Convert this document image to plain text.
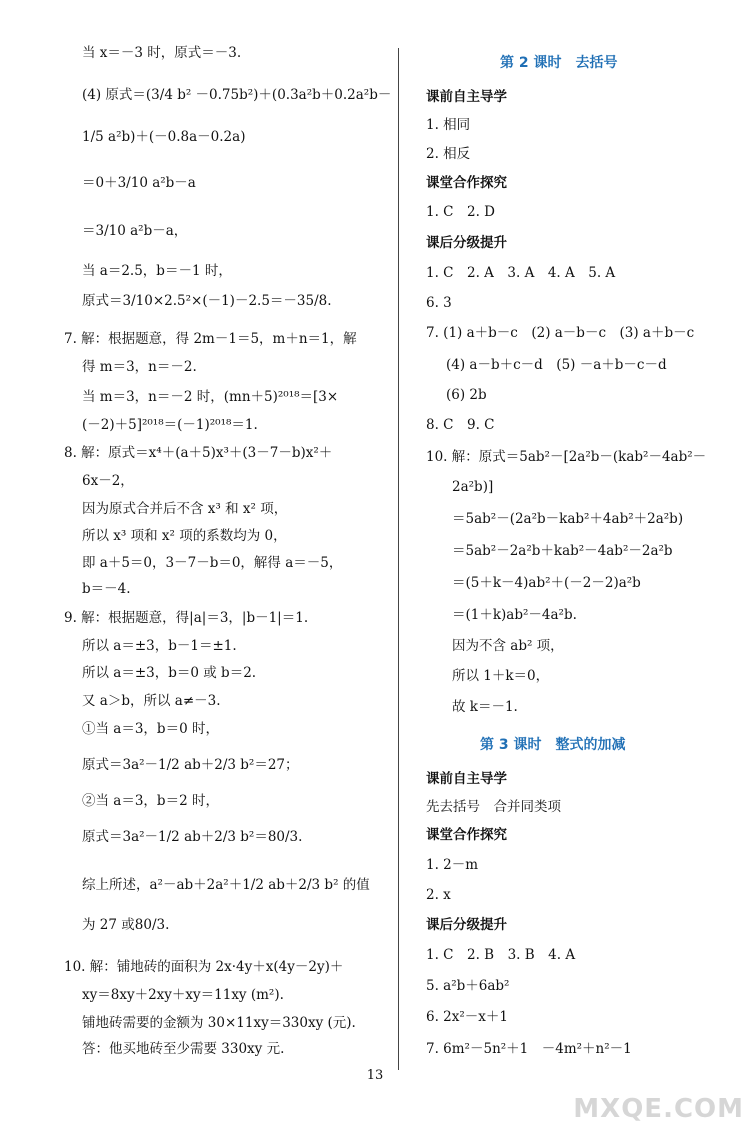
第 2 课时　去括号
第 3 课时　整式的加减
13
MXQE.COM
当 x＝－3 时，原式＝－3.
(4) 原式＝(3/4 b² －0.75b²)＋(0.3a²b＋0.2a²b－
1/5 a²b)＋(－0.8a－0.2a)
＝0＋3/10 a²b－a
＝3/10 a²b－a，
当 a＝2.5，b＝－1 时，
原式＝3/10×2.5²×(－1)－2.5＝－35/8.
7. 解：根据题意，得 2m－1＝5，m＋n＝1，解
得 m＝3，n＝－2.
当 m＝3，n＝－2 时，(mn＋5)²⁰¹⁸＝[3×
(－2)＋5]²⁰¹⁸＝(－1)²⁰¹⁸＝1.
8. 解：原式＝x⁴＋(a＋5)x³＋(3－7－b)x²＋
6x－2，
因为原式合并后不含 x³ 和 x² 项，
所以 x³ 项和 x² 项的系数均为 0，
即 a＋5＝0，3－7－b＝0，解得 a＝－5，
b＝－4.
9. 解：根据题意，得|a|＝3，|b－1|＝1.
所以 a＝±3，b－1＝±1.
所以 a＝±3，b＝0 或 b＝2.
又 a＞b，所以 a≠－3.
①当 a＝3，b＝0 时，
原式＝3a²－1/2 ab＋2/3 b²＝27；
②当 a＝3，b＝2 时，
原式＝3a²－1/2 ab＋2/3 b²＝80/3.
综上所述，a²－ab＋2a²＋1/2 ab＋2/3 b² 的值
为 27 或80/3.
10. 解：铺地砖的面积为 2x·4y＋x(4y－2y)＋
xy＝8xy＋2xy＋xy＝11xy (m²).
铺地砖需要的金额为 30×11xy＝330xy (元).
答：他买地砖至少需要 330xy 元.
课前自主导学
1. 相同
2. 相反
课堂合作探究
1. C　2. D
课后分级提升
1. C　2. A　3. A　4. A　5. A
6. 3
7. (1) a＋b－c　(2) a－b－c　(3) a＋b－c
(4) a－b＋c－d　(5) －a＋b－c－d
(6) 2b
8. C　9. C
10. 解：原式＝5ab²－[2a²b－(kab²－4ab²－
2a²b)]
＝5ab²－(2a²b－kab²＋4ab²＋2a²b)
＝5ab²－2a²b＋kab²－4ab²－2a²b
＝(5＋k－4)ab²＋(－2－2)a²b
＝(1＋k)ab²－4a²b.
因为不含 ab² 项，
所以 1＋k＝0，
故 k＝－1.
课前自主导学
先去括号　合并同类项
课堂合作探究
1. 2－m
2. x
课后分级提升
1. C　2. B　3. B　4. A
5. a²b＋6ab²
6. 2x²－x＋1
7. 6m²－5n²＋1　－4m²＋n²－1
